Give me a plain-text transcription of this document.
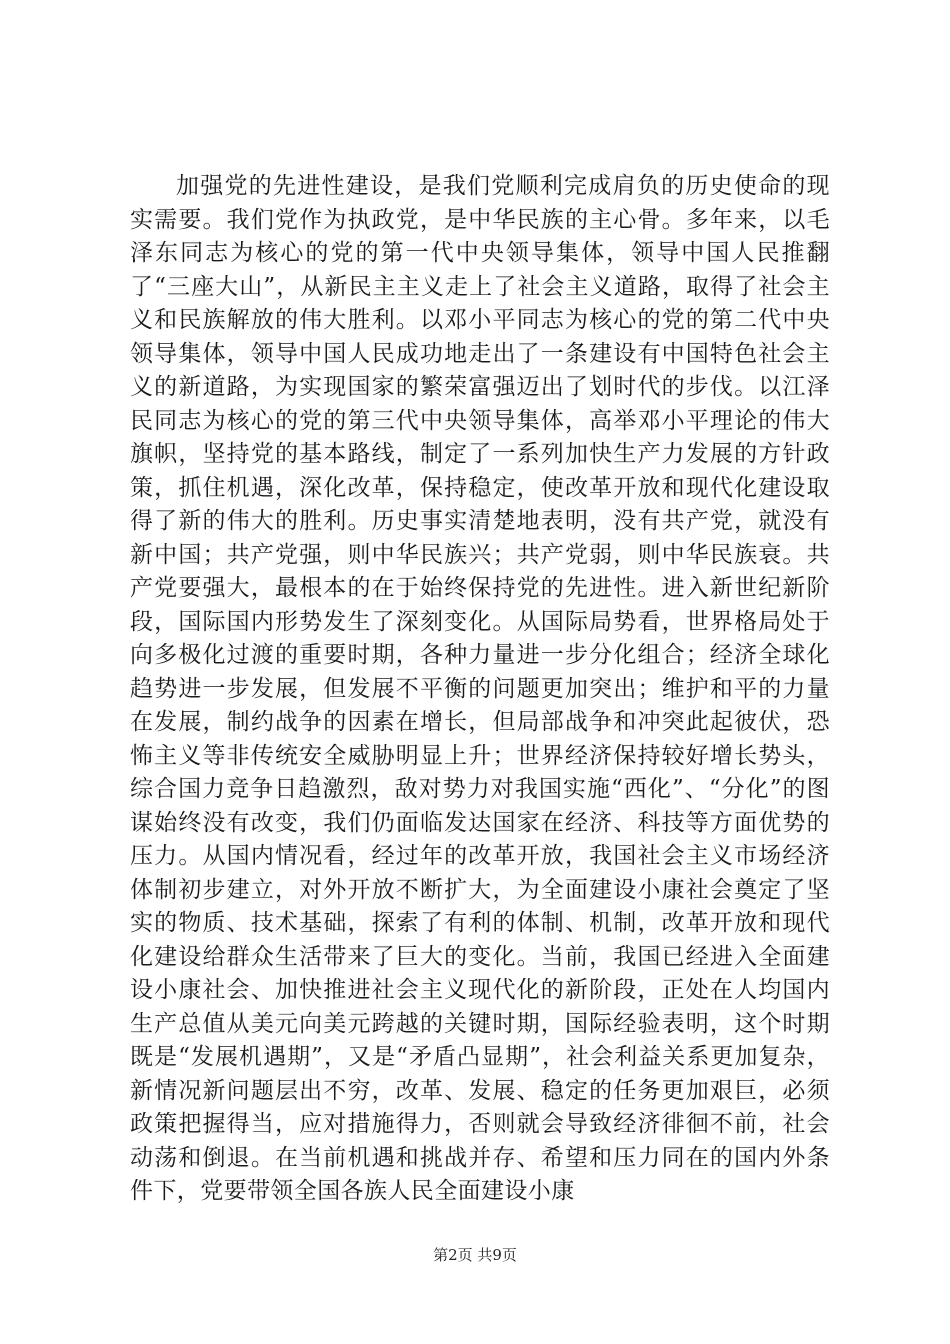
加强党的先进性建设，是我们党顺利完成肩负的历史使命的现实需要。我们党作为执政党，是中华民族的主心骨。多年来，以毛泽东同志为核心的党的第一代中央领导集体，领导中国人民推翻了“三座大山”，从新民主主义走上了社会主义道路，取得了社会主义和民族解放的伟大胜利。以邓小平同志为核心的党的第二代中央领导集体，领导中国人民成功地走出了一条建设有中国特色社会主义的新道路，为实现国家的繁荣富强迈出了划时代的步伐。以江泽民同志为核心的党的第三代中央领导集体，高举邓小平理论的伟大旗帜，坚持党的基本路线，制定了一系列加快生产力发展的方针政策，抓住机遇，深化改革，保持稳定，使改革开放和现代化建设取得了新的伟大的胜利。历史事实清楚地表明，没有共产党，就没有新中国；共产党强，则中华民族兴；共产党弱，则中华民族衰。共产党要强大，最根本的在于始终保持党的先进性。进入新世纪新阶段，国际国内形势发生了深刻变化。从国际局势看，世界格局处于向多极化过渡的重要时期，各种力量进一步分化组合；经济全球化趋势进一步发展，但发展不平衡的问题更加突出；维护和平的力量在发展，制约战争的因素在增长，但局部战争和冲突此起彼伏，恐怖主义等非传统安全威胁明显上升；世界经济保持较好增长势头，综合国力竞争日趋激烈，敌对势力对我国实施“西化”、“分化”的图谋始终没有改变，我们仍面临发达国家在经济、科技等方面优势的压力。从国内情况看，经过年的改革开放，我国社会主义市场经济体制初步建立，对外开放不断扩大，为全面建设小康社会奠定了坚实的物质、技术基础，探索了有利的体制、机制，改革开放和现代化建设给群众生活带来了巨大的变化。当前，我国已经进入全面建设小康社会、加快推进社会主义现代化的新阶段，正处在人均国内生产总值从美元向美元跨越的关键时期，国际经验表明，这个时期既是“发展机遇期”，又是“矛盾凸显期”，社会利益关系更加复杂，新情况新问题层出不穷，改革、发展、稳定的任务更加艰巨，必须政策把握得当，应对措施得力，否则就会导致经济徘徊不前，社会动荡和倒退。在当前机遇和挑战并存、希望和压力同在的国内外条件下，党要带领全国各族人民全面建设小康

第2页 共9页
